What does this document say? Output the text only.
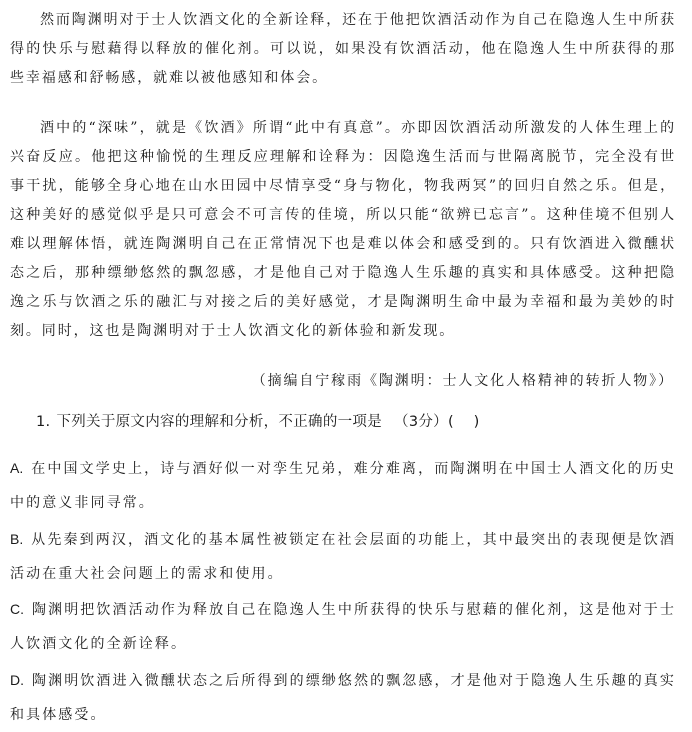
然而陶渊明对于士人饮酒文化的全新诠释，还在于他把饮酒活动作为自己在隐逸人生中所获得的快乐与慰藉得以释放的催化剂。可以说，如果没有饮酒活动，他在隐逸人生中所获得的那些幸福感和舒畅感，就难以被他感知和体会。

酒中的“深味”，就是《饮酒》所谓“此中有真意”。亦即因饮酒活动所激发的人体生理上的兴奋反应。他把这种愉悦的生理反应理解和诠释为：因隐逸生活而与世隔离脱节，完全没有世事干扰，能够全身心地在山水田园中尽情享受“身与物化，物我两冥”的回归自然之乐。但是，这种美好的感觉似乎是只可意会不可言传的佳境，所以只能“欲辨已忘言”。这种佳境不但别人难以理解体悟，就连陶渊明自己在正常情况下也是难以体会和感受到的。只有饮酒进入微醺状态之后，那种缥缈悠然的飘忽感，才是他自己对于隐逸人生乐趣的真实和具体感受。这种把隐逸之乐与饮酒之乐的融汇与对接之后的美好感觉，才是陶渊明生命中最为幸福和最为美妙的时刻。同时，这也是陶渊明对于士人饮酒文化的新体验和新发现。

（摘编自宁稼雨《陶渊明：士人文化人格精神的转折人物》）

1. 下列关于原文内容的理解和分析，不正确的一项是 （3分）(　 )

A. 在中国文学史上，诗与酒好似一对孪生兄弟，难分难离，而陶渊明在中国士人酒文化的历史中的意义非同寻常。

B. 从先秦到两汉，酒文化的基本属性被锁定在社会层面的功能上，其中最突出的表现便是饮酒活动在重大社会问题上的需求和使用。

C. 陶渊明把饮酒活动作为释放自己在隐逸人生中所获得的快乐与慰藉的催化剂，这是他对于士人饮酒文化的全新诠释。

D. 陶渊明饮酒进入微醺状态之后所得到的缥缈悠然的飘忽感，才是他对于隐逸人生乐趣的真实和具体感受。
